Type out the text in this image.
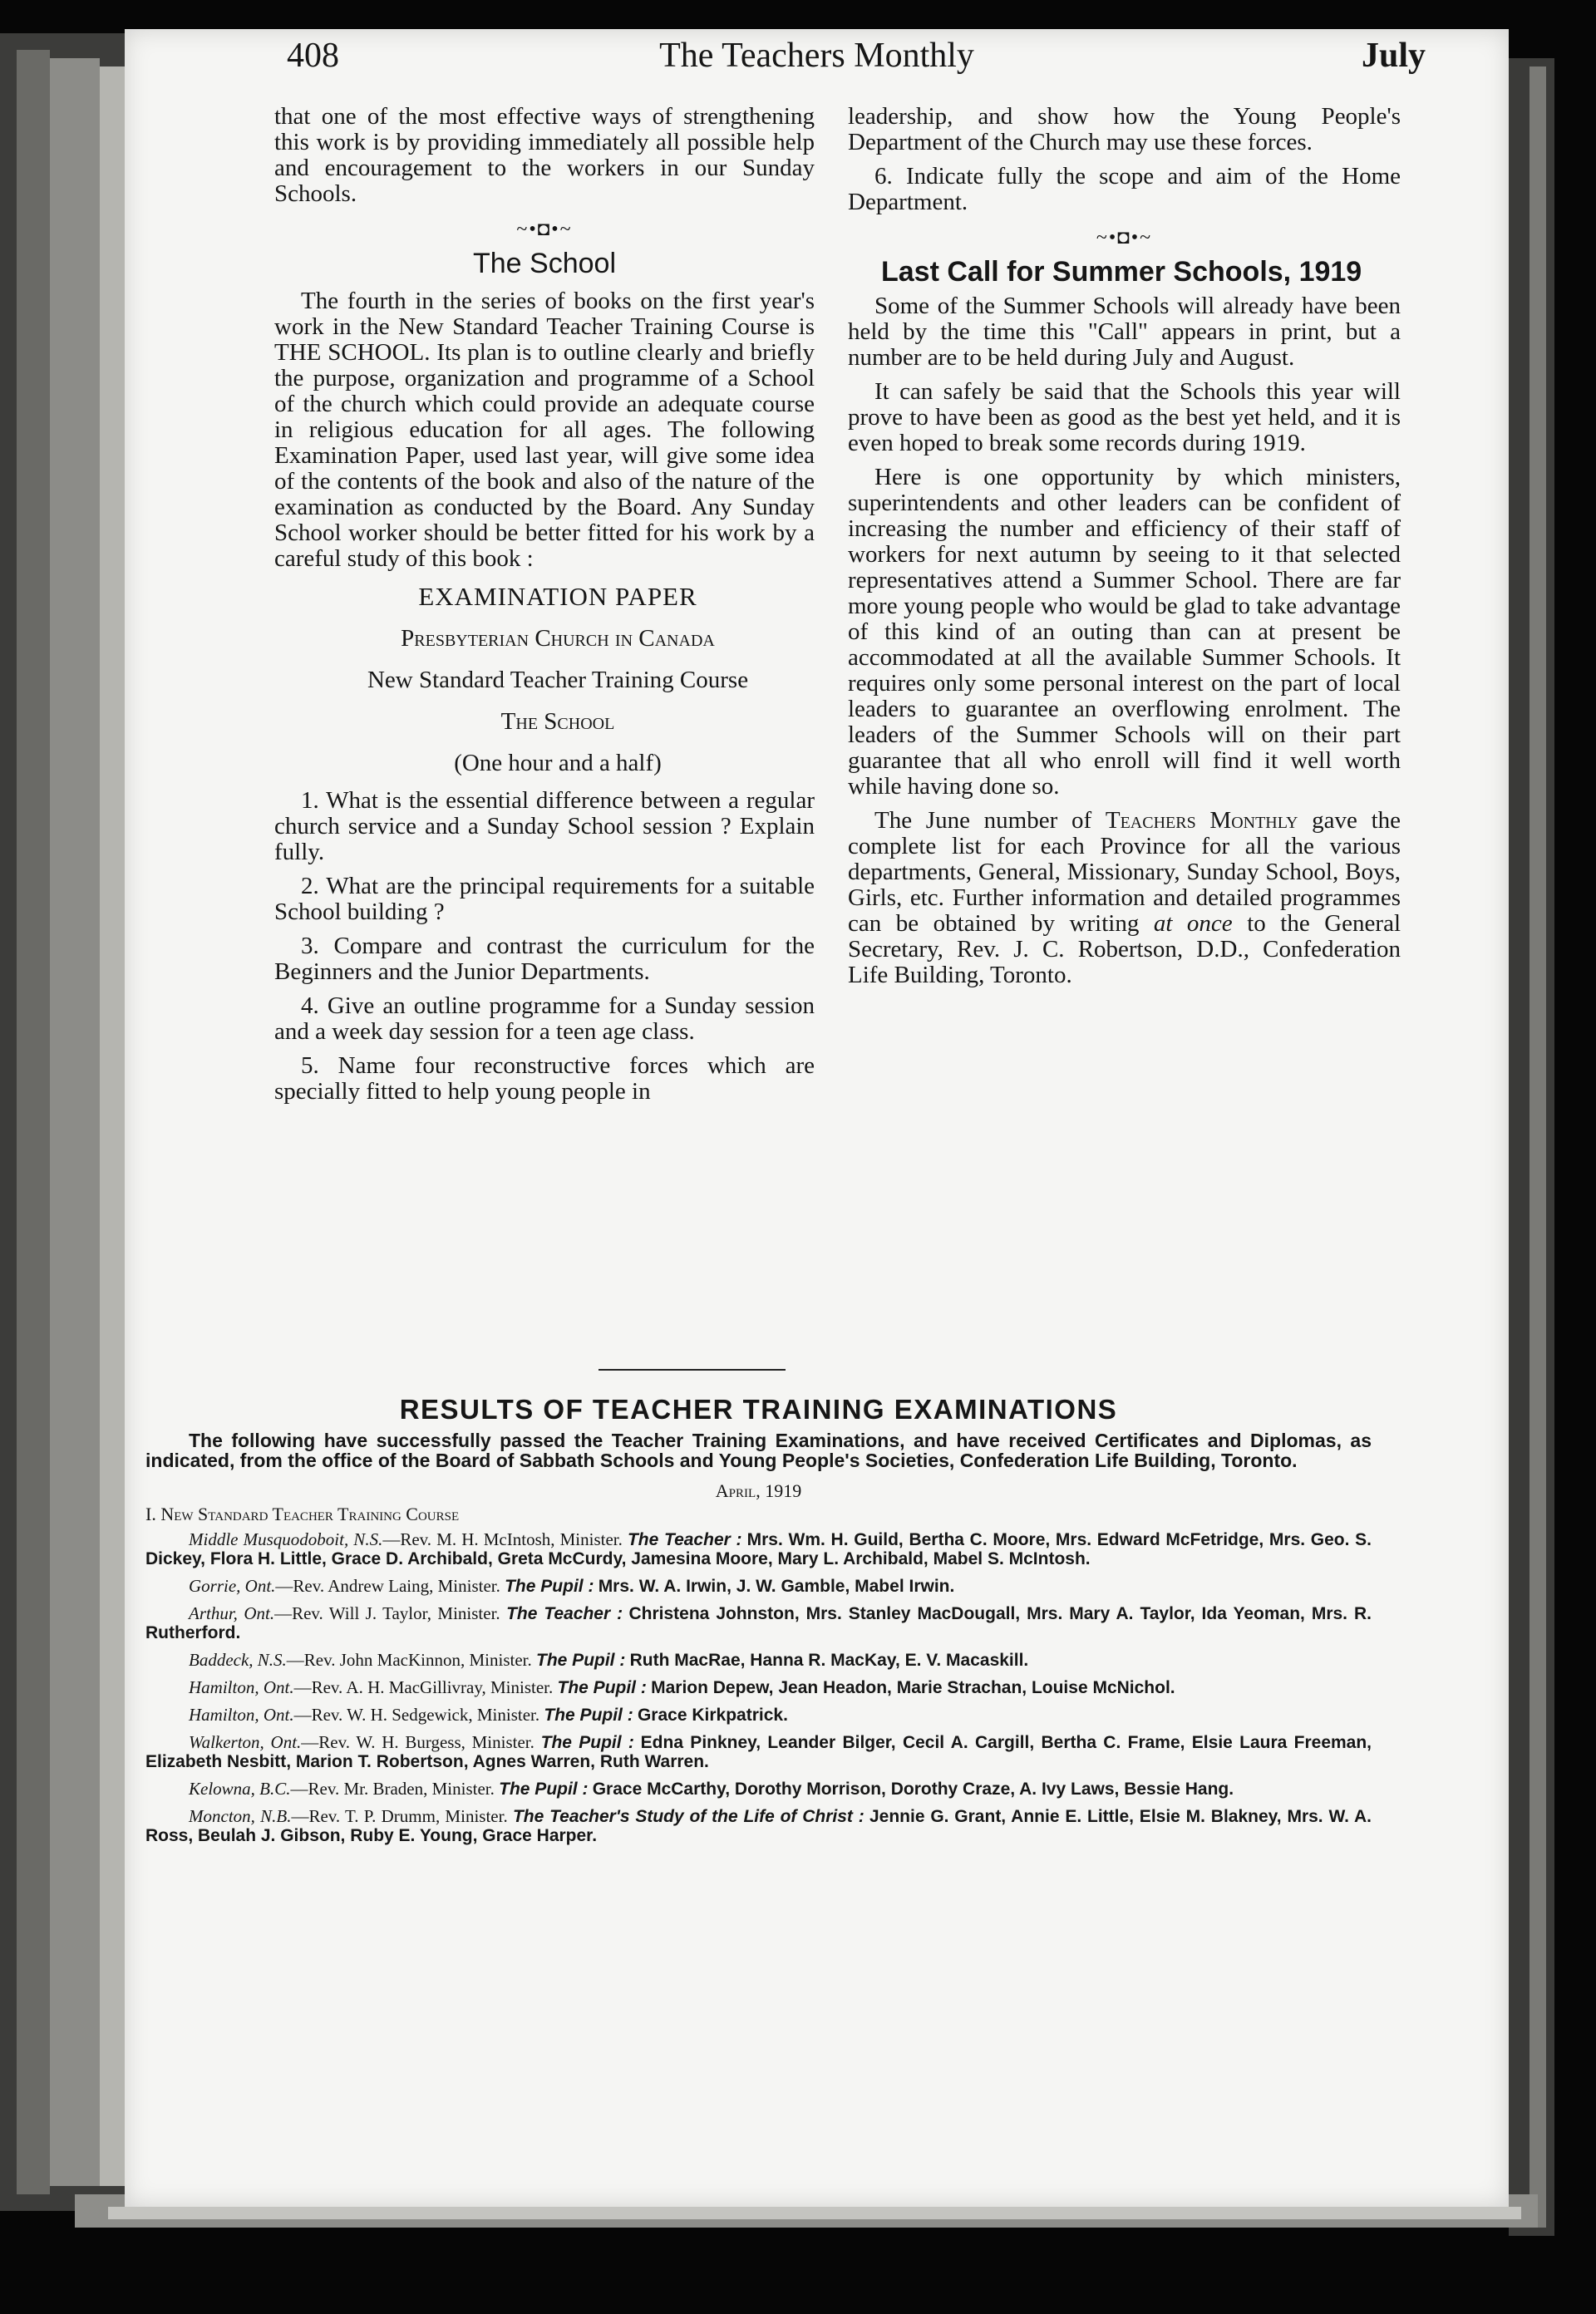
408	The Teachers Monthly	July

that one of the most effective ways of strengthening this work is by providing immediately all possible help and encouragement to the workers in our Sunday Schools.

~•◘•~
The School

The fourth in the series of books on the first year's work in the New Standard Teacher Training Course is THE SCHOOL. Its plan is to outline clearly and briefly the purpose, organization and programme of a School of the church which could provide an adequate course in religious education for all ages. The following Examination Paper, used last year, will give some idea of the contents of the book and also of the nature of the examination as conducted by the Board. Any Sunday School worker should be better fitted for his work by a careful study of this book :

EXAMINATION PAPER

Presbyterian Church in Canada

New Standard Teacher Training Course

The School

(One hour and a half)

1. What is the essential difference between a regular church service and a Sunday School session ? Explain fully.

2. What are the principal requirements for a suitable School building ?

3. Compare and contrast the curriculum for the Beginners and the Junior Departments.

4. Give an outline programme for a Sunday session and a week day session for a teen age class.

5. Name four reconstructive forces which are specially fitted to help young people in

leadership, and show how the Young People's Department of the Church may use these forces.

6. Indicate fully the scope and aim of the Home Department.

~•◘•~
Last Call for Summer Schools, 1919

Some of the Summer Schools will already have been held by the time this "Call" appears in print, but a number are to be held during July and August.

It can safely be said that the Schools this year will prove to have been as good as the best yet held, and it is even hoped to break some records during 1919.

Here is one opportunity by which ministers, superintendents and other leaders can be confident of increasing the number and efficiency of their staff of workers for next autumn by seeing to it that selected representatives attend a Summer School. There are far more young people who would be glad to take advantage of this kind of an outing than can at present be accommodated at all the available Summer Schools. It requires only some personal interest on the part of local leaders to guarantee an overflowing enrolment. The leaders of the Summer Schools will on their part guarantee that all who enroll will find it well worth while having done so.

The June number of Teachers Monthly gave the complete list for each Province for all the various departments, General, Missionary, Sunday School, Boys, Girls, etc. Further information and detailed programmes can be obtained by writing at once to the General Secretary, Rev. J. C. Robertson, D.D., Confederation Life Building, Toronto.

RESULTS OF TEACHER TRAINING EXAMINATIONS

The following have successfully passed the Teacher Training Examinations, and have received Certificates and Diplomas, as indicated, from the office of the Board of Sabbath Schools and Young People's Societies, Confederation Life Building, Toronto.

April, 1919
I. New Standard Teacher Training Course

Middle Musquodoboit, N.S.—Rev. M. H. McIntosh, Minister. The Teacher : Mrs. Wm. H. Guild, Bertha C. Moore, Mrs. Edward McFetridge, Mrs. Geo. S. Dickey, Flora H. Little, Grace D. Archibald, Greta McCurdy, Jamesina Moore, Mary L. Archibald, Mabel S. McIntosh.

Gorrie, Ont.—Rev. Andrew Laing, Minister. The Pupil : Mrs. W. A. Irwin, J. W. Gamble, Mabel Irwin.

Arthur, Ont.—Rev. Will J. Taylor, Minister. The Teacher : Christena Johnston, Mrs. Stanley MacDougall, Mrs. Mary A. Taylor, Ida Yeoman, Mrs. R. Rutherford.

Baddeck, N.S.—Rev. John MacKinnon, Minister. The Pupil : Ruth MacRae, Hanna R. MacKay, E. V. Macaskill.

Hamilton, Ont.—Rev. A. H. MacGillivray, Minister. The Pupil : Marion Depew, Jean Headon, Marie Strachan, Louise McNichol.

Hamilton, Ont.—Rev. W. H. Sedgewick, Minister. The Pupil : Grace Kirkpatrick.

Walkerton, Ont.—Rev. W. H. Burgess, Minister. The Pupil : Edna Pinkney, Leander Bilger, Cecil A. Cargill, Bertha C. Frame, Elsie Laura Freeman, Elizabeth Nesbitt, Marion T. Robertson, Agnes Warren, Ruth Warren.

Kelowna, B.C.—Rev. Mr. Braden, Minister. The Pupil : Grace McCarthy, Dorothy Morrison, Dorothy Craze, A. Ivy Laws, Bessie Hang.

Moncton, N.B.—Rev. T. P. Drumm, Minister. The Teacher's Study of the Life of Christ : Jennie G. Grant, Annie E. Little, Elsie M. Blakney, Mrs. W. A. Ross, Beulah J. Gibson, Ruby E. Young, Grace Harper.
